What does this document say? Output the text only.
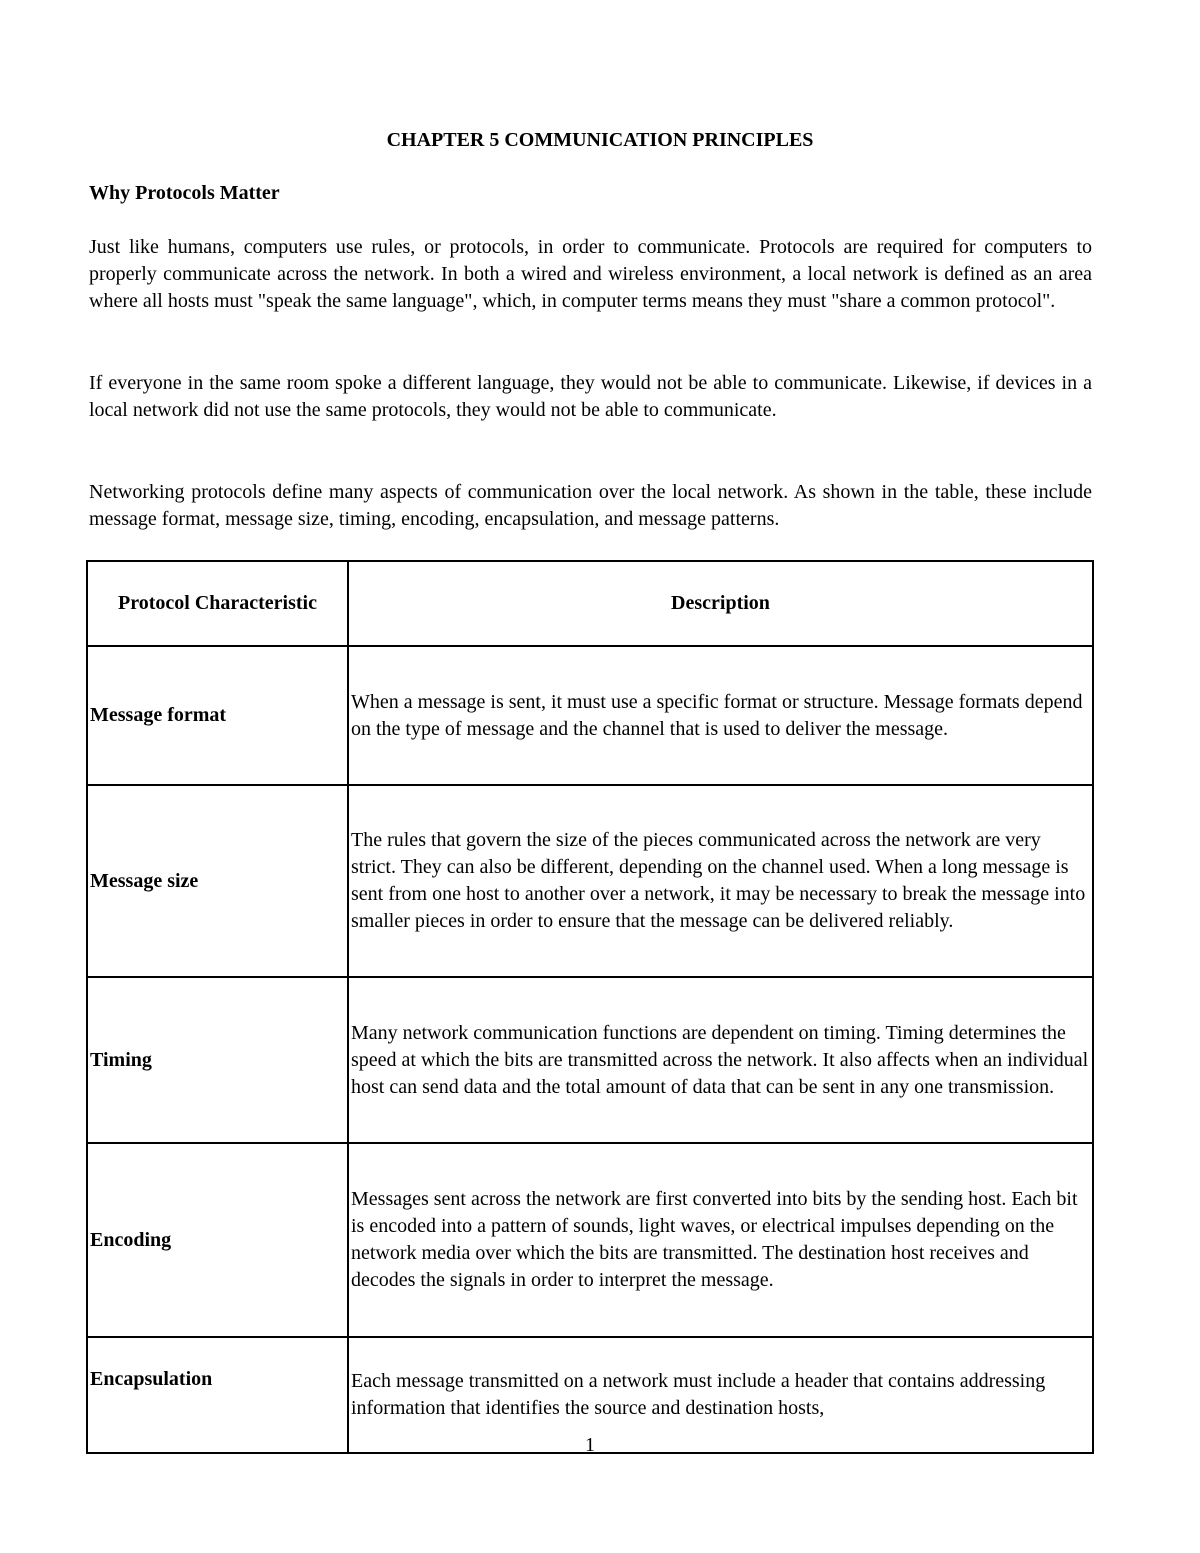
CHAPTER 5 COMMUNICATION PRINCIPLES
Why Protocols Matter

Just like humans, computers use rules, or protocols, in order to communicate. Protocols are required for computers to properly communicate across the network. In both a wired and wireless environment, a local network is defined as an area where all hosts must "speak the same language", which, in computer terms means they must "share a common protocol".

If everyone in the same room spoke a different language, they would not be able to communicate. Likewise, if devices in a local network did not use the same protocols, they would not be able to communicate.

Networking protocols define many aspects of communication over the local network. As shown in the table, these include message format, message size, timing, encoding, encapsulation, and message patterns.

Protocol Characteristic	Description
Message format	When a message is sent, it must use a specific format or structure. Message formats depend on the type of message and the channel that is used to deliver the message.
Message size	The rules that govern the size of the pieces communicated across the network are very strict. They can also be different, depending on the channel used. When a long message is sent from one host to another over a network, it may be necessary to break the message into smaller pieces in order to ensure that the message can be delivered reliably.
Timing	Many network communication functions are dependent on timing. Timing determines the speed at which the bits are transmitted across the network. It also affects when an individual host can send data and the total amount of data that can be sent in any one transmission.
Encoding	Messages sent across the network are first converted into bits by the sending host. Each bit is encoded into a pattern of sounds, light waves, or electrical impulses depending on the network media over which the bits are transmitted. The destination host receives and decodes the signals in order to interpret the message.
Encapsulation	Each message transmitted on a network must include a header that contains addressing information that identifies the source and destination hosts,
1
